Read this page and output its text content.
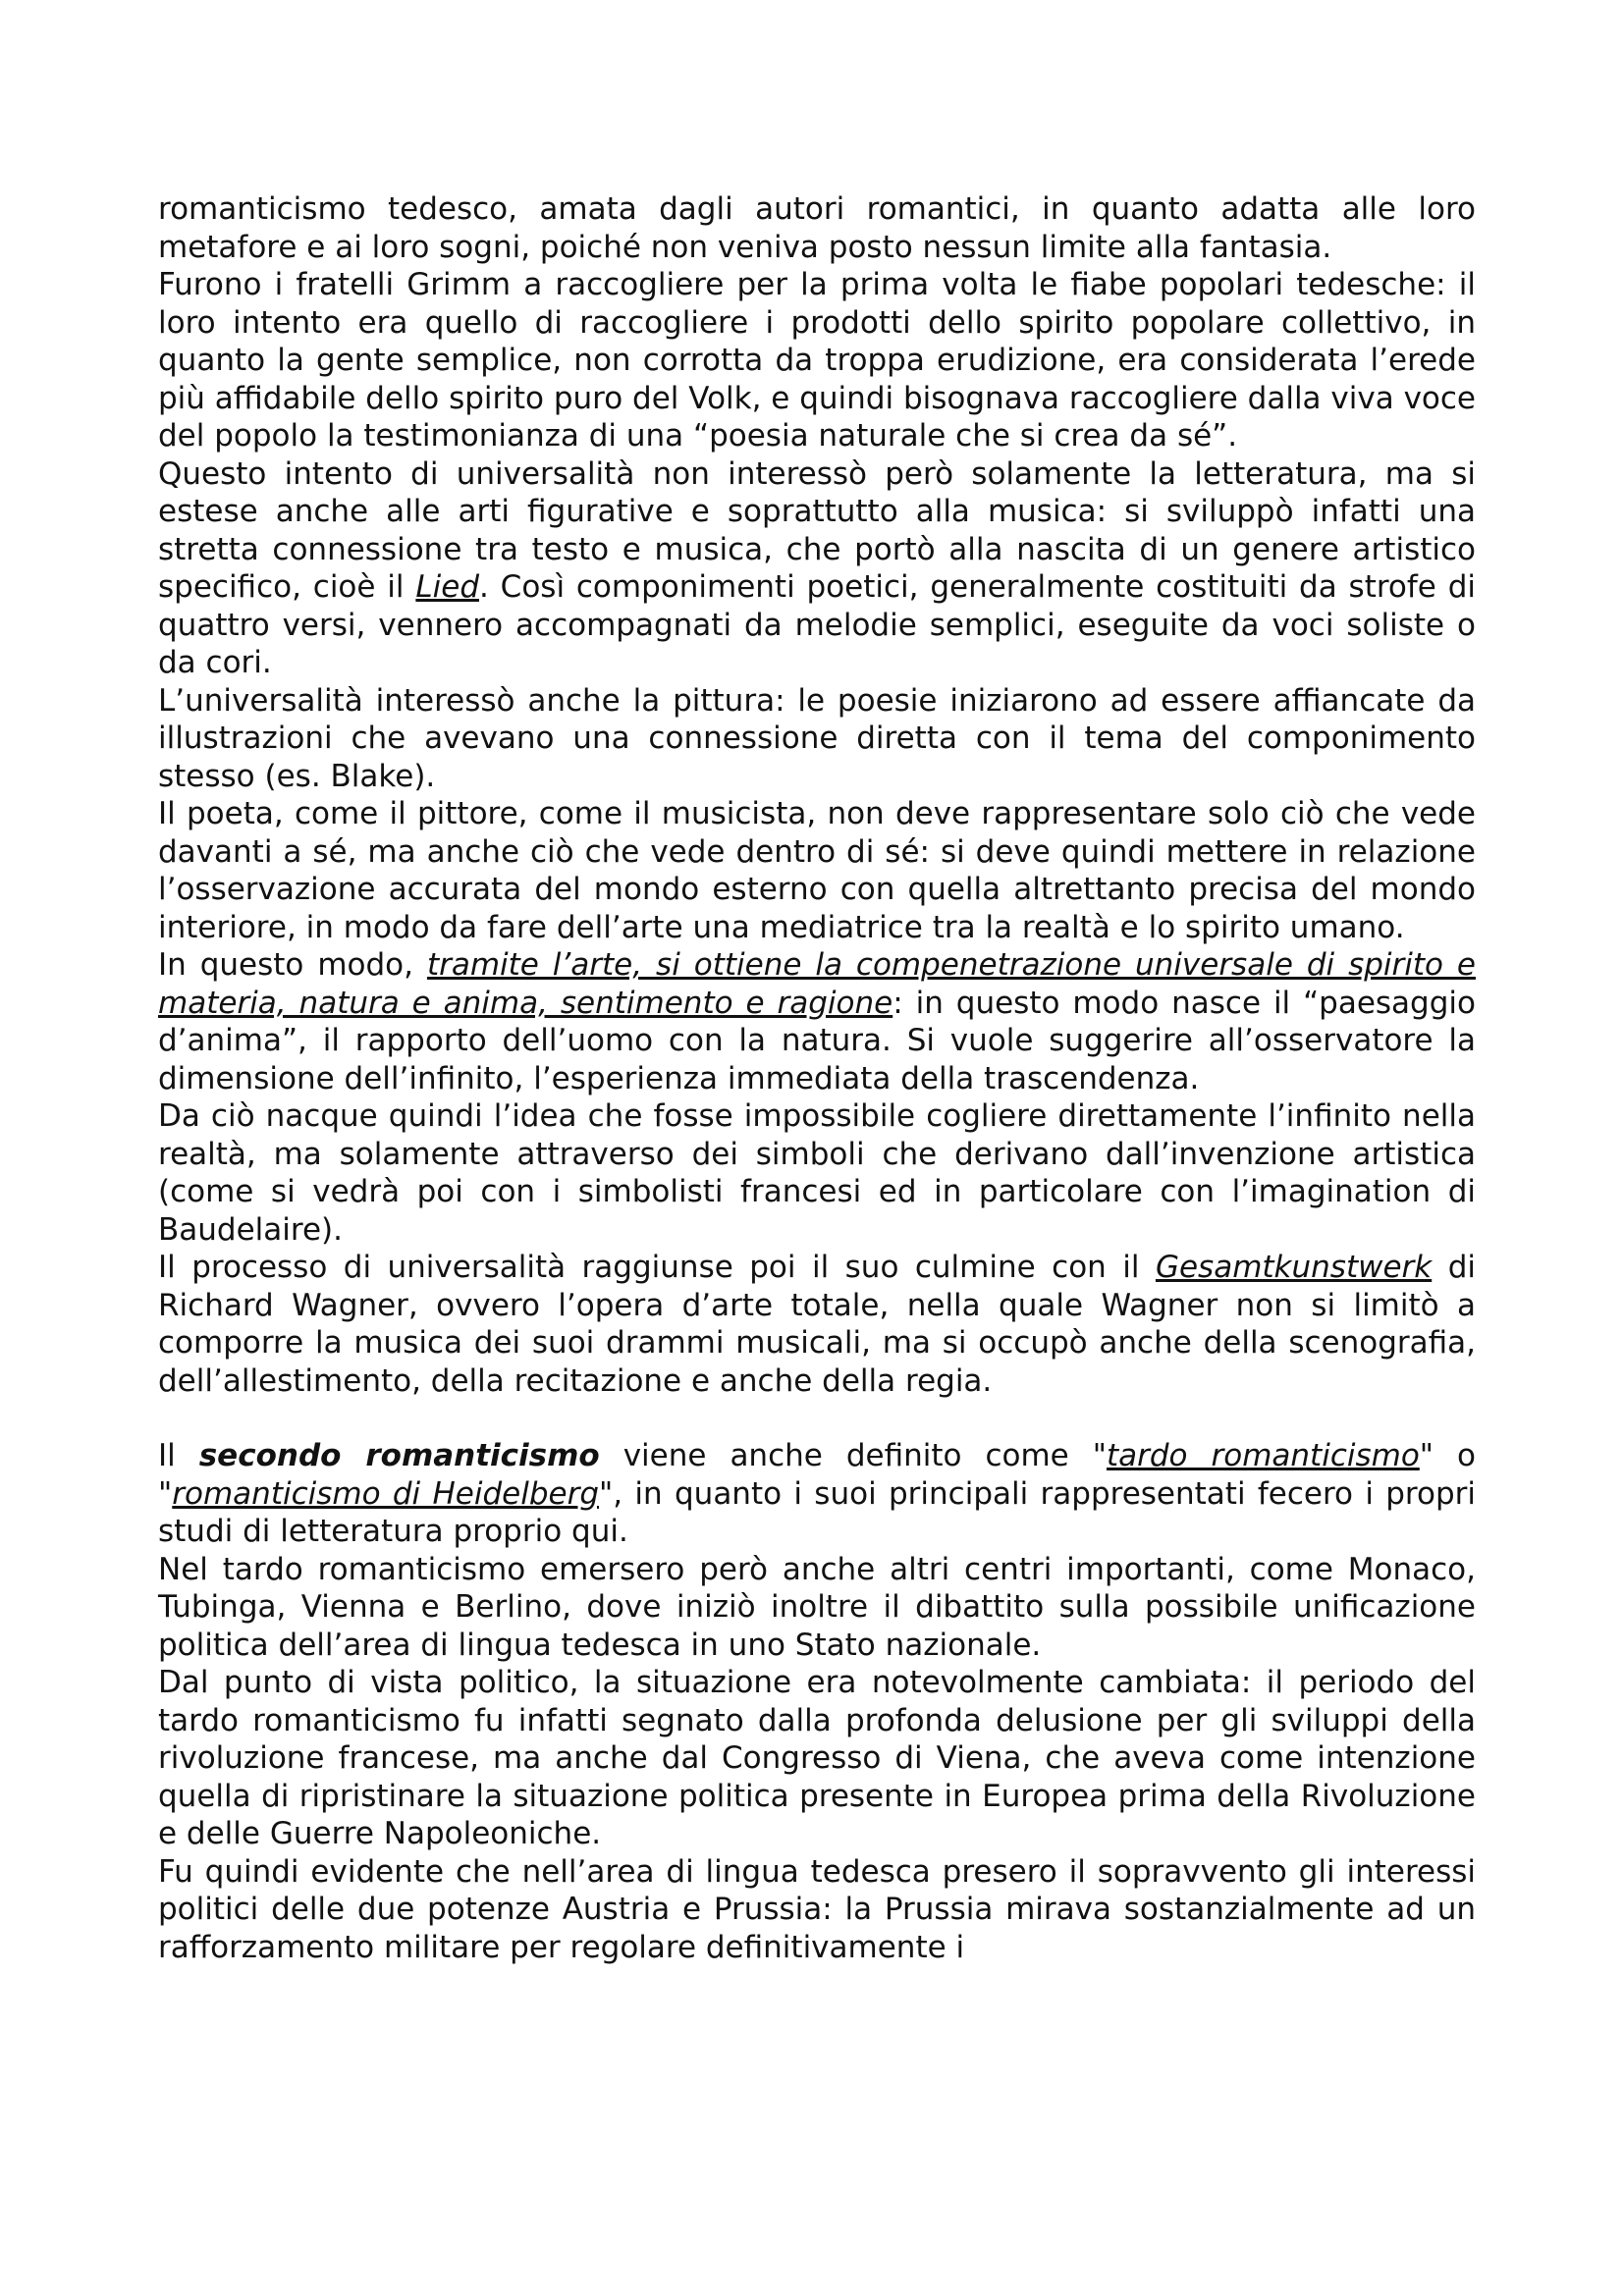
romanticismo tedesco, amata dagli autori romantici, in quanto adatta alle loro metafore e ai loro sogni, poiché non veniva posto nessun limite alla fantasia.

Furono i fratelli Grimm a raccogliere per la prima volta le fiabe popolari tedesche: il loro intento era quello di raccogliere i prodotti dello spirito popolare collettivo, in quanto la gente semplice, non corrotta da troppa erudizione, era considerata l’erede più affidabile dello spirito puro del Volk, e quindi bisognava raccogliere dalla viva voce del popolo la testimonianza di una “poesia naturale che si crea da sé”.

Questo intento di universalità non interessò però solamente la letteratura, ma si estese anche alle arti figurative e soprattutto alla musica: si sviluppò infatti una stretta connessione tra testo e musica, che portò alla nascita di un genere artistico specifico, cioè il Lied. Così componimenti poetici, generalmente costituiti da strofe di quattro versi, vennero accompagnati da melodie semplici, eseguite da voci soliste o da cori.

L’universalità interessò anche la pittura: le poesie iniziarono ad essere affiancate da illustrazioni che avevano una connessione diretta con il tema del componimento stesso (es. Blake).

Il poeta, come il pittore, come il musicista, non deve rappresentare solo ciò che vede davanti a sé, ma anche ciò che vede dentro di sé: si deve quindi mettere in relazione l’osservazione accurata del mondo esterno con quella altrettanto precisa del mondo interiore, in modo da fare dell’arte una mediatrice tra la realtà e lo spirito umano.

In questo modo, tramite l’arte, si ottiene la compenetrazione universale di spirito e materia, natura e anima, sentimento e ragione: in questo modo nasce il “paesaggio d’anima”, il rapporto dell’uomo con la natura. Si vuole suggerire all’osservatore la dimensione dell’infinito, l’esperienza immediata della trascendenza.

Da ciò nacque quindi l’idea che fosse impossibile cogliere direttamente l’infinito nella realtà, ma solamente attraverso dei simboli che derivano dall’invenzione artistica (come si vedrà poi con i simbolisti francesi ed in particolare con l’imagination di Baudelaire).

Il processo di universalità raggiunse poi il suo culmine con il Gesamtkunstwerk di Richard Wagner, ovvero l’opera d’arte totale, nella quale Wagner non si limitò a comporre la musica dei suoi drammi musicali, ma si occupò anche della scenografia, dell’allestimento, della recitazione e anche della regia.

Il secondo romanticismo viene anche definito come "tardo romanticismo" o "romanticismo di Heidelberg", in quanto i suoi principali rappresentati fecero i propri studi di letteratura proprio qui.

Nel tardo romanticismo emersero però anche altri centri importanti, come Monaco, Tubinga, Vienna e Berlino, dove iniziò inoltre il dibattito sulla possibile unificazione politica dell’area di lingua tedesca in uno Stato nazionale.

Dal punto di vista politico, la situazione era notevolmente cambiata: il periodo del tardo romanticismo fu infatti segnato dalla profonda delusione per gli sviluppi della rivoluzione francese, ma anche dal Congresso di Viena, che aveva come intenzione quella di ripristinare la situazione politica presente in Europea prima della Rivoluzione e delle Guerre Napoleoniche.

Fu quindi evidente che nell’area di lingua tedesca presero il sopravvento gli interessi politici delle due potenze Austria e Prussia: la Prussia mirava sostanzialmente ad un rafforzamento militare per regolare definitivamente i
